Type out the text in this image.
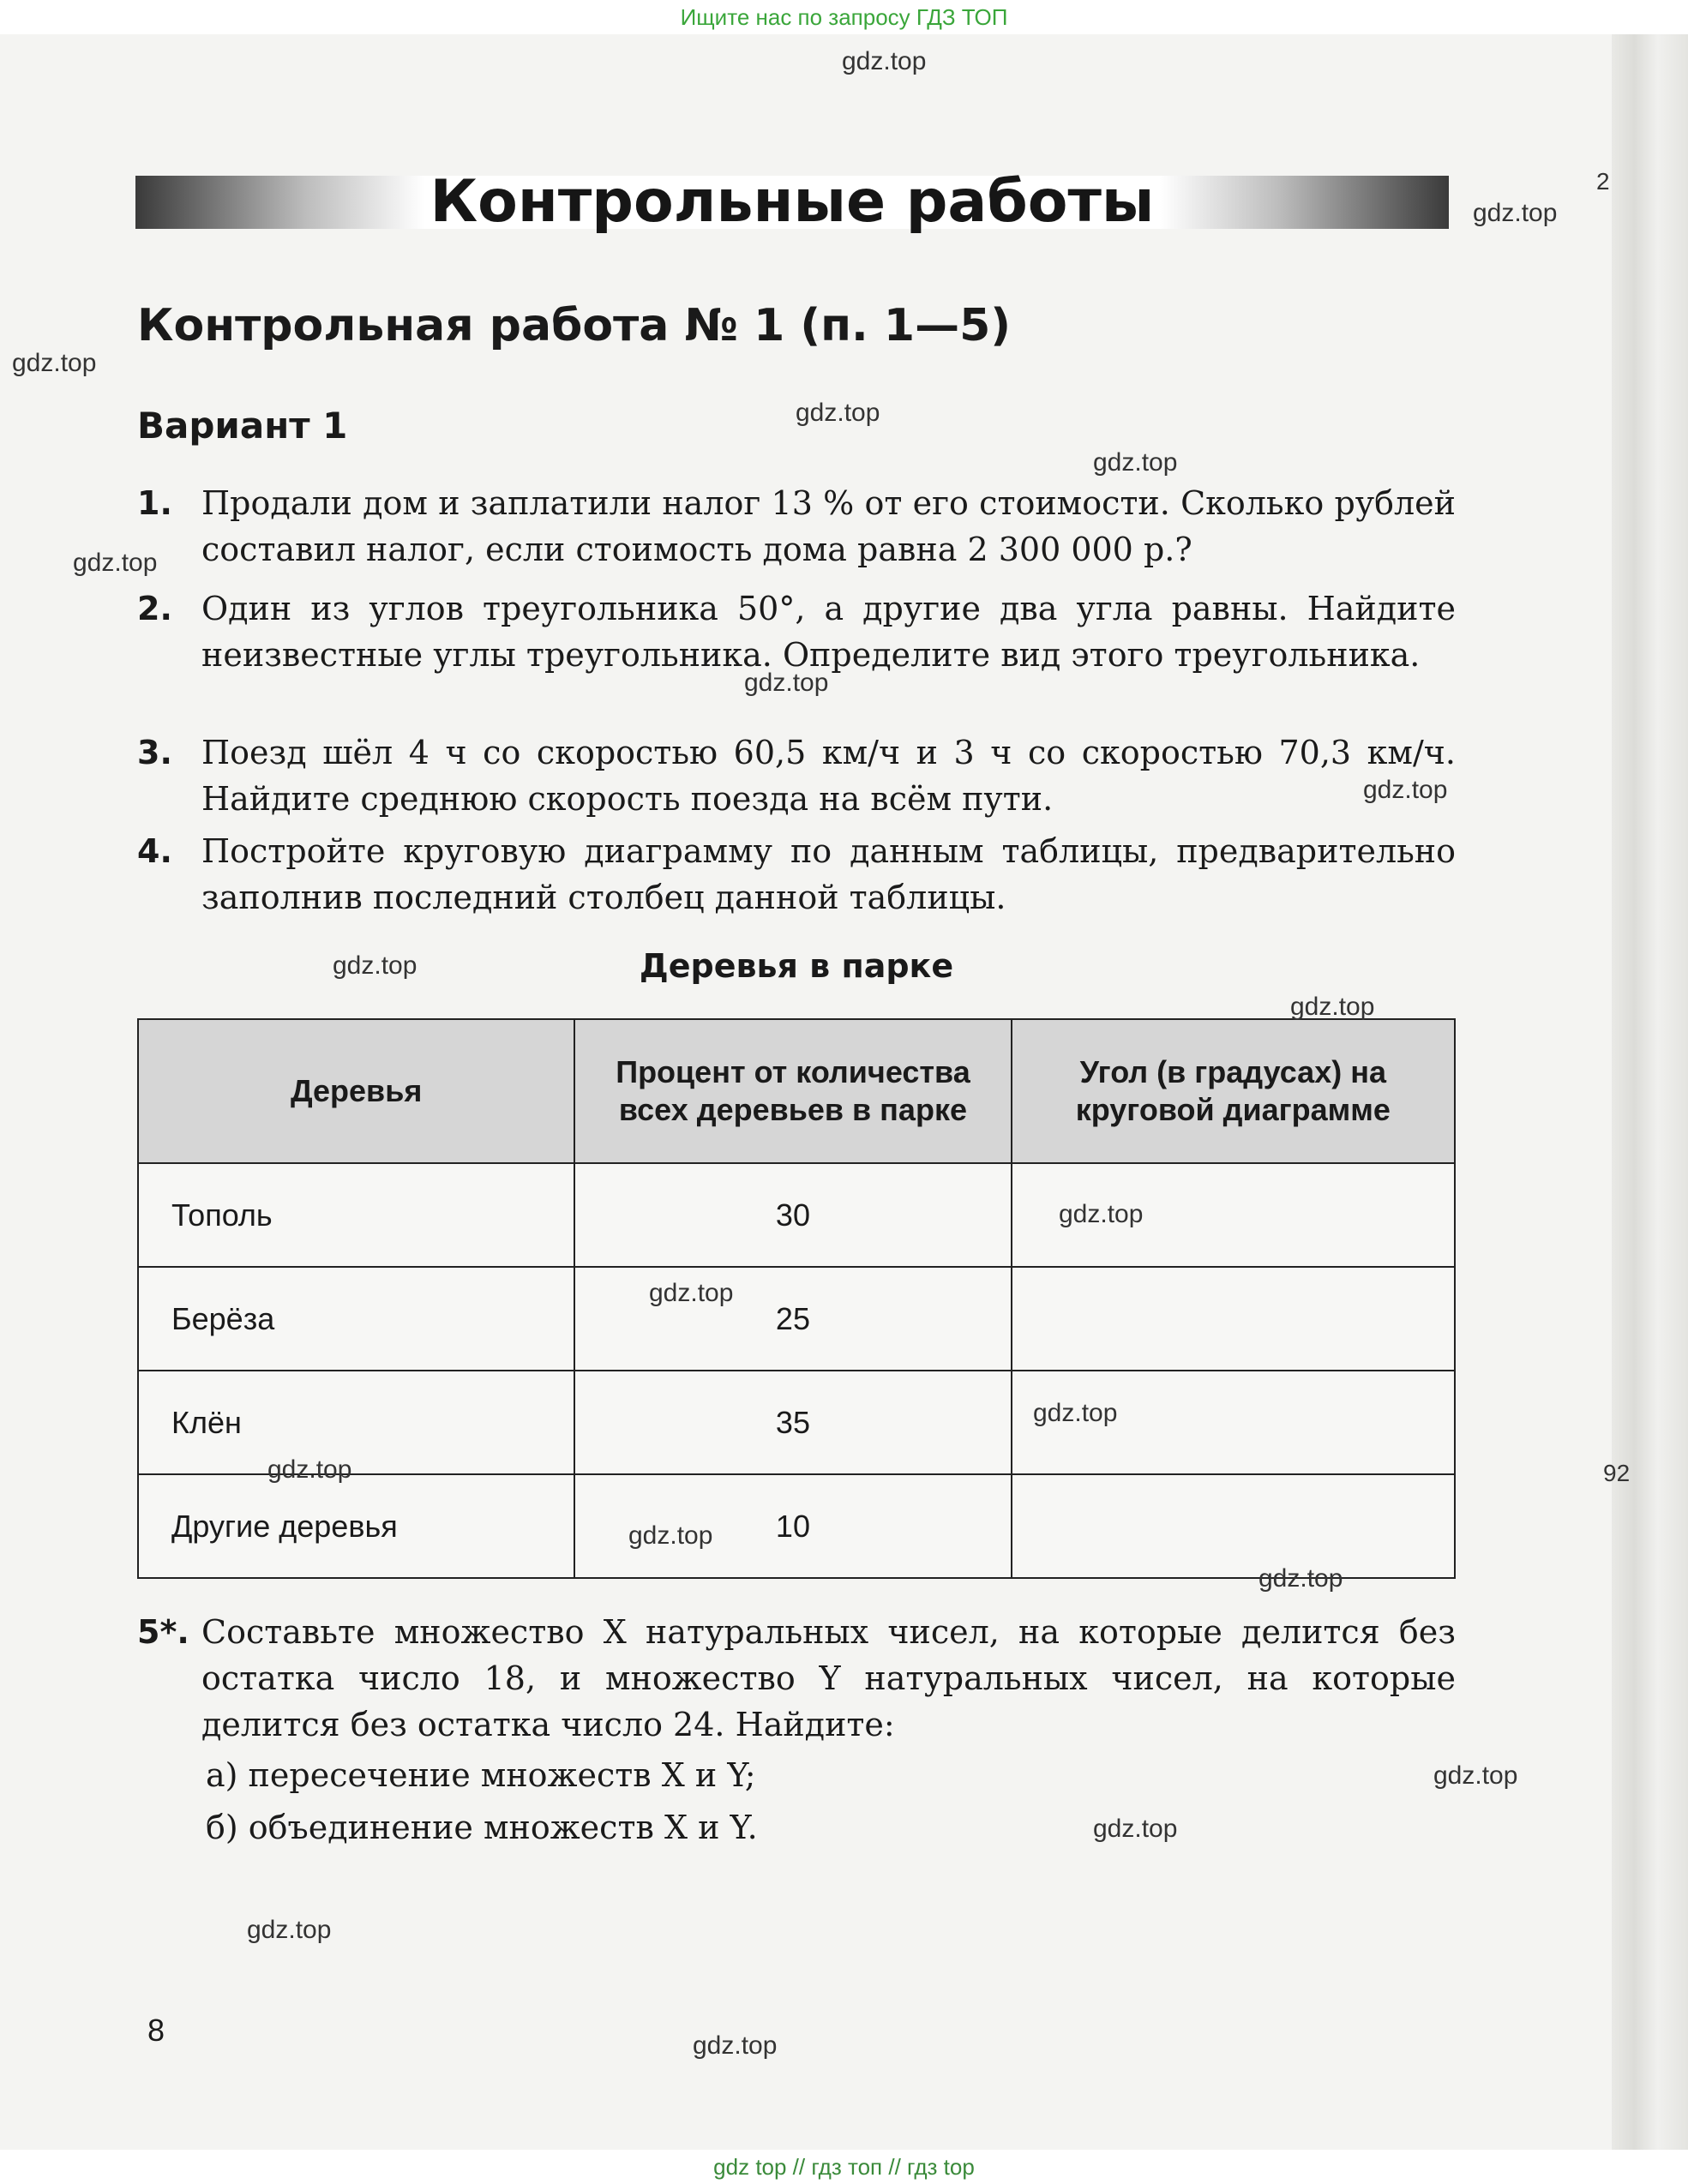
Ищите нас по запросу ГДЗ ТОП
Контрольные работы
Контрольная работа № 1 (п. 1—5)
Вариант 1
1. Продали дом и заплатили налог 13 % от его стоимости. Сколько рублей составил налог, если стоимость дома равна 2 300 000 р.?
2. Один из углов треугольника 50°, а другие два угла равны. Найдите неизвестные углы треугольника. Определите вид этого треугольника.
3. Поезд шёл 4 ч со скоростью 60,5 км/ч и 3 ч со скоростью 70,3 км/ч. Найдите среднюю скорость поезда на всём пути.
4. Постройте круговую диаграмму по данным таблицы, предварительно заполнив последний столбец данной таблицы.
Деревья в парке
Деревья	Процент от количества всех деревьев в парке	Угол (в градусах) на круговой диаграмме
Тополь	30	
Берёза	25	
Клён	35	
Другие деревья	10	
5*. Составьте множество X натуральных чисел, на которые делится без остатка число 18, и множество Y натуральных чисел, на которые делится без остатка число 24. Найдите:
а) пересечение множеств X и Y;
б) объединение множеств X и Y.
8
2
92
gdz.top
gdz.top
gdz.top
gdz.top
gdz.top
gdz.top
gdz.top
gdz.top
gdz.top
gdz.top
gdz.top
gdz.top
gdz.top
gdz.top
gdz.top
gdz.top
gdz.top
gdz.top
gdz.top
gdz.top
gdz top // гдз топ // гдз top
